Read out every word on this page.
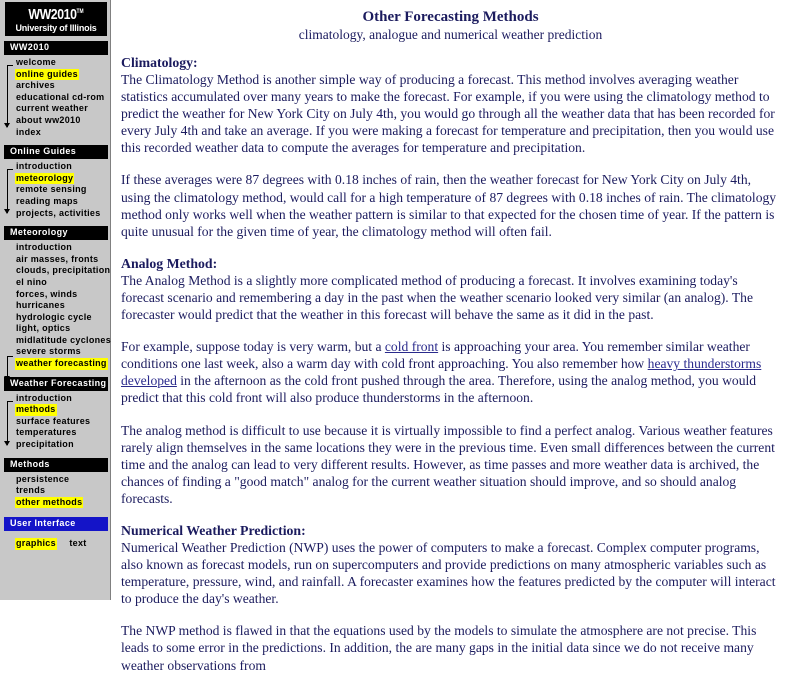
WW2010™
University of Illinois
WW2010
welcome
online guides
archives
educational cd-rom
current weather
about ww2010
index
Online Guides
introduction
meteorology
remote sensing
reading maps
projects, activities
Meteorology
introduction
air masses, fronts
clouds, precipitation
el nino
forces, winds
hurricanes
hydrologic cycle
light, optics
midlatitude cyclones
severe storms
weather forecasting
Weather Forecasting
introduction
methods
surface features
temperatures
precipitation
Methods
persistence
trends
other methods
User Interface
graphics text
Other Forecasting Methods
climatology, analogue and numerical weather prediction
Climatology:

The Climatology Method is another simple way of producing a forecast. This method involves averaging weather statistics accumulated over many years to make the forecast. For example, if you were using the climatology method to predict the weather for New York City on July 4th, you would go through all the weather data that has been recorded for every July 4th and take an average. If you were making a forecast for temperature and precipitation, then you would use this recorded weather data to compute the averages for temperature and precipitation.

If these averages were 87 degrees with 0.18 inches of rain, then the weather forecast for New York City on July 4th, using the climatology method, would call for a high temperature of 87 degrees with 0.18 inches of rain. The climatology method only works well when the weather pattern is similar to that expected for the chosen time of year. If the pattern is quite unusual for the given time of year, the climatology method will often fail.

Analog Method:

The Analog Method is a slightly more complicated method of producing a forecast. It involves examining today's forecast scenario and remembering a day in the past when the weather scenario looked very similar (an analog). The forecaster would predict that the weather in this forecast will behave the same as it did in the past.

For example, suppose today is very warm, but a cold front is approaching your area. You remember similar weather conditions one last week, also a warm day with cold front approaching. You also remember how heavy thunderstorms developed in the afternoon as the cold front pushed through the area. Therefore, using the analog method, you would predict that this cold front will also produce thunderstorms in the afternoon.

The analog method is difficult to use because it is virtually impossible to find a perfect analog. Various weather features rarely align themselves in the same locations they were in the previous time. Even small differences between the current time and the analog can lead to very different results. However, as time passes and more weather data is archived, the chances of finding a "good match" analog for the current weather situation should improve, and so should analog forecasts.

Numerical Weather Prediction:

Numerical Weather Prediction (NWP) uses the power of computers to make a forecast. Complex computer programs, also known as forecast models, run on supercomputers and provide predictions on many atmospheric variables such as temperature, pressure, wind, and rainfall. A forecaster examines how the features predicted by the computer will interact to produce the day's weather.

The NWP method is flawed in that the equations used by the models to simulate the atmosphere are not precise. This leads to some error in the predictions. In addition, the are many gaps in the initial data since we do not receive many weather observations from
